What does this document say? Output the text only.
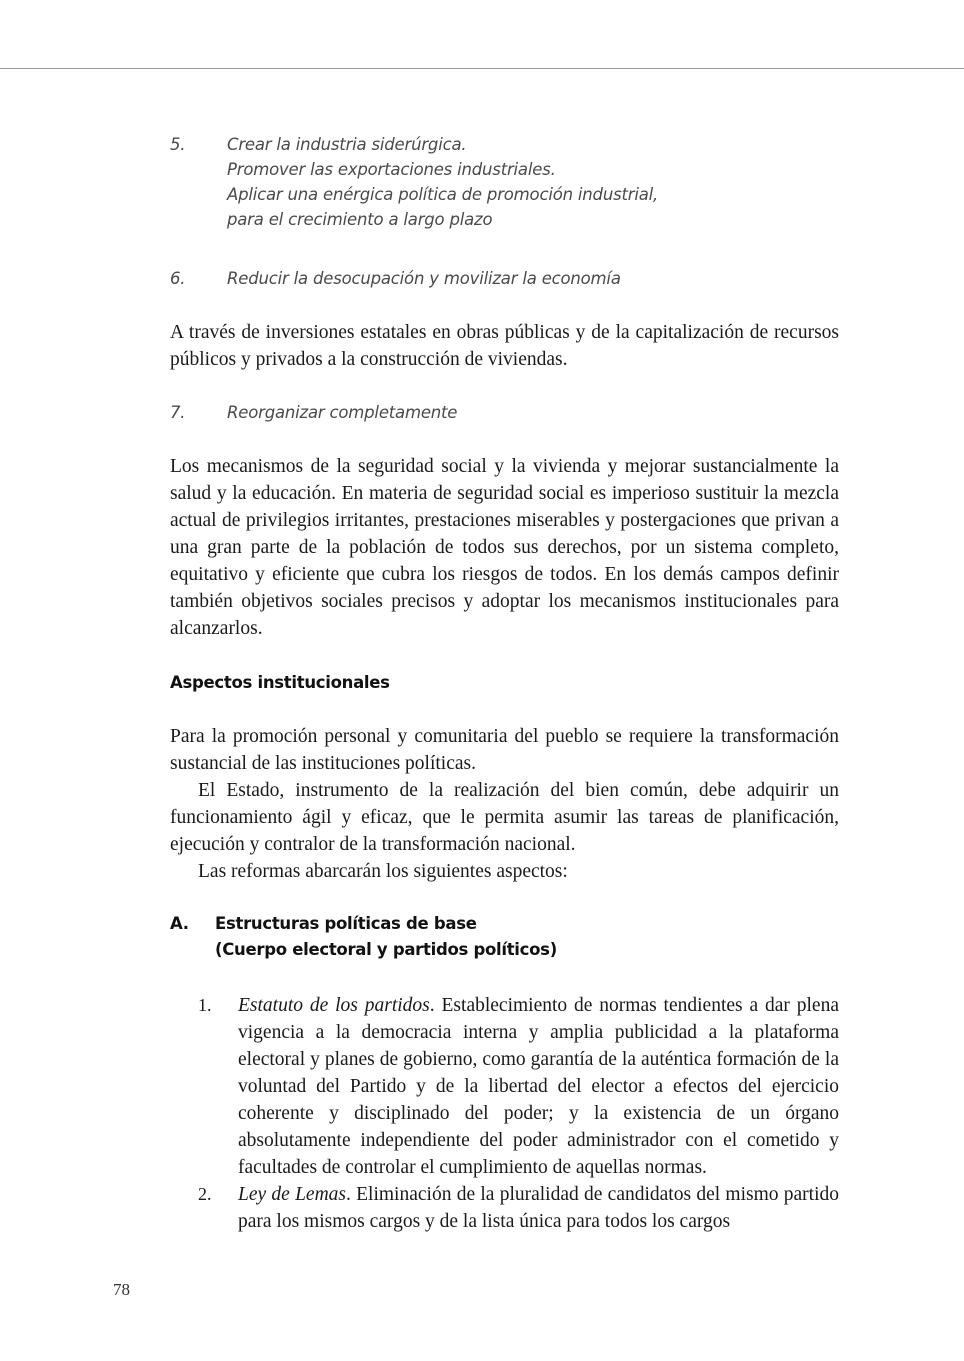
5.	Crear la industria siderúrgica.
Promover las exportaciones industriales.
Aplicar una enérgica política de promoción industrial,
para el crecimiento a largo plazo
6.	Reducir la desocupación y movilizar la economía

A través de inversiones estatales en obras públicas y de la capitalización de recursos públicos y privados a la construcción de viviendas.

7.	Reorganizar completamente

Los mecanismos de la seguridad social y la vivienda y mejorar sustancialmente la salud y la educación. En materia de seguridad social es imperioso sustituir la mezcla actual de privilegios irritantes, prestaciones miserables y postergaciones que privan a una gran parte de la población de todos sus derechos, por un sistema completo, equitativo y eficiente que cubra los riesgos de todos. En los demás campos definir también objetivos sociales precisos y adoptar los mecanismos institucionales para alcanzarlos.

Aspectos institucionales

Para la promoción personal y comunitaria del pueblo se requiere la transformación sustancial de las instituciones políticas.

El Estado, instrumento de la realización del bien común, debe adquirir un funcionamiento ágil y eficaz, que le permita asumir las tareas de planificación, ejecución y contralor de la transformación nacional.

Las reformas abarcarán los siguientes aspectos:

A.	Estructuras políticas de base
(Cuerpo electoral y partidos políticos)
1.	Estatuto de los partidos. Establecimiento de normas tendientes a dar plena vigencia a la democracia interna y amplia publicidad a la plataforma electoral y planes de gobierno, como garantía de la auténtica formación de la voluntad del Partido y de la libertad del elector a efectos del ejercicio coherente y disciplinado del poder; y la existencia de un órgano absolutamente independiente del poder administrador con el cometido y facultades de controlar el cumplimiento de aquellas normas.
2.	Ley de Lemas. Eliminación de la pluralidad de candidatos del mismo partido para los mismos cargos y de la lista única para todos los cargos
78
